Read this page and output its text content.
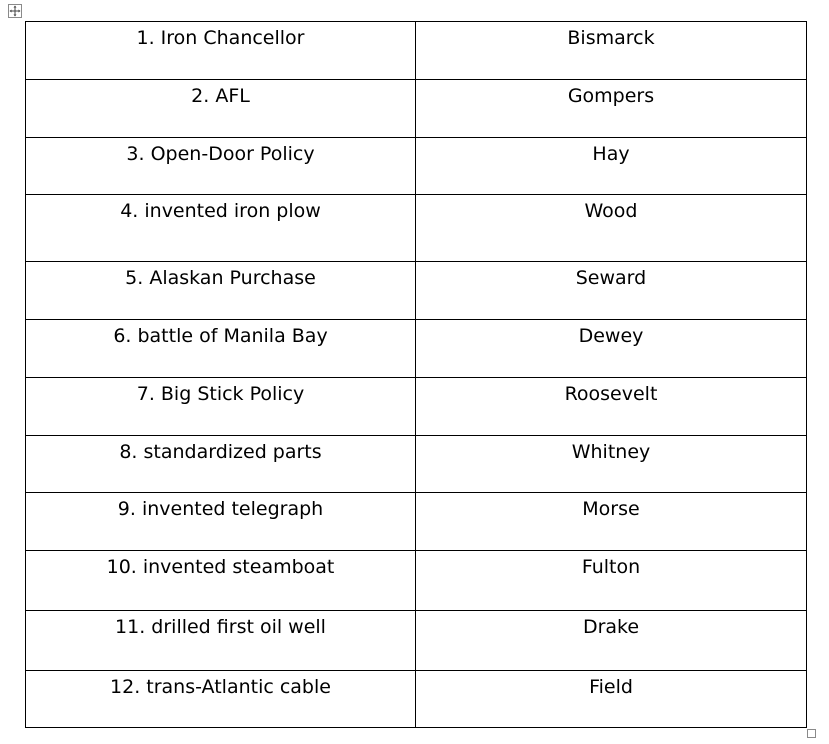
1. Iron Chancellor	Bismarck
2. AFL	Gompers
3. Open-Door Policy	Hay
4. invented iron plow	Wood
5. Alaskan Purchase	Seward
6. battle of Manila Bay	Dewey
7. Big Stick Policy	Roosevelt
8. standardized parts	Whitney
9. invented telegraph	Morse
10. invented steamboat	Fulton
11. drilled first oil well	Drake
12. trans-Atlantic cable	Field
